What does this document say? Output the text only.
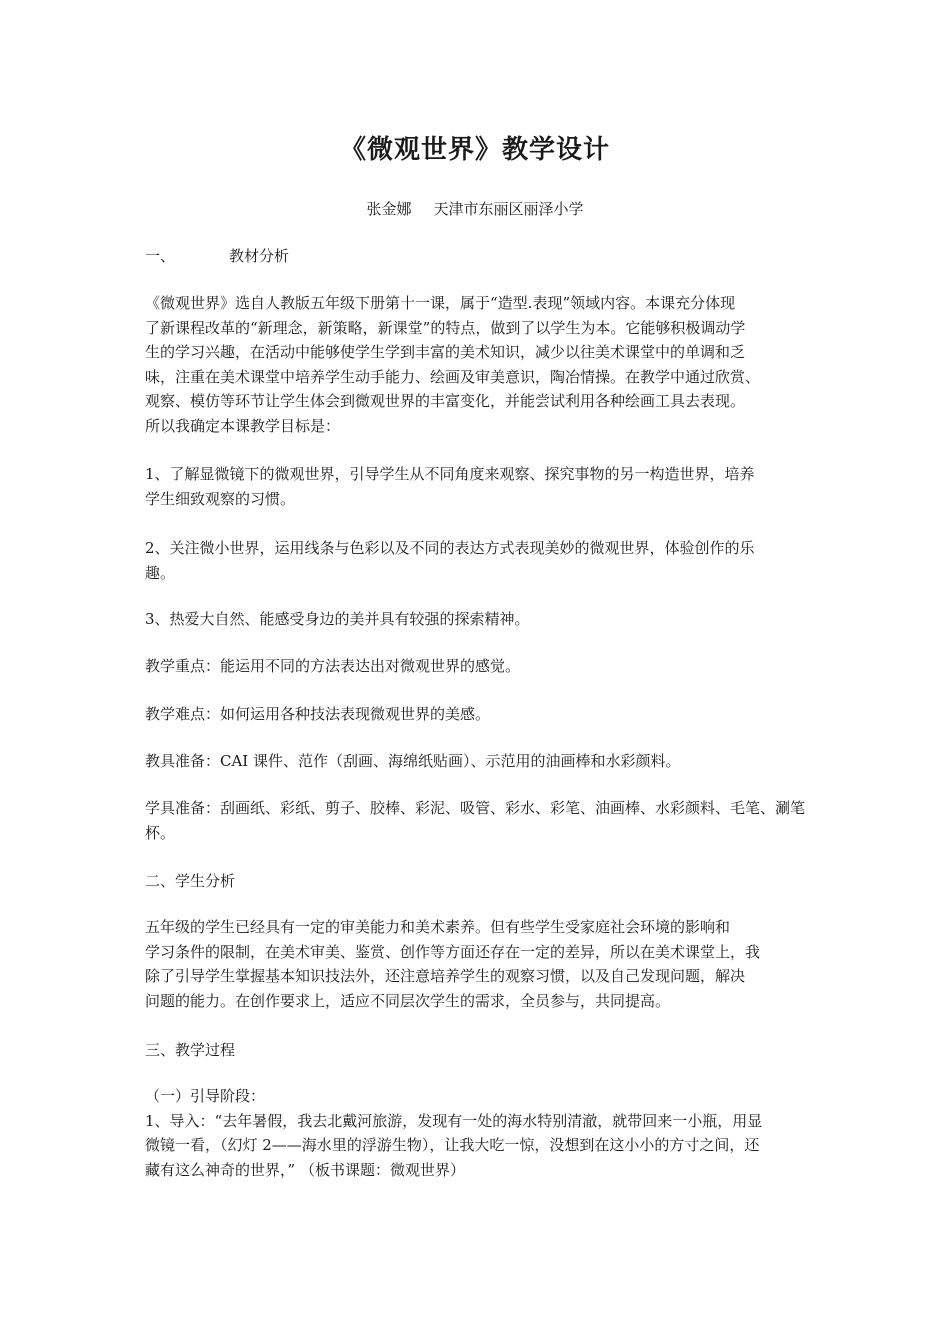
《微观世界》教学设计
张金娜 天津市东丽区丽泽小学
一、	教材分析
《微观世界》选自人教版五年级下册第十一课，属于“造型.表现”领域内容。本课充分体现
了新课程改革的“新理念，新策略，新课堂”的特点，做到了以学生为本。它能够积极调动学
生的学习兴趣，在活动中能够使学生学到丰富的美术知识，减少以往美术课堂中的单调和乏
味，注重在美术课堂中培养学生动手能力、绘画及审美意识，陶冶情操。在教学中通过欣赏、
观察、模仿等环节让学生体会到微观世界的丰富变化，并能尝试利用各种绘画工具去表现。
所以我确定本课教学目标是：
1、了解显微镜下的微观世界，引导学生从不同角度来观察、探究事物的另一构造世界，培养
学生细致观察的习惯。
2、关注微小世界，运用线条与色彩以及不同的表达方式表现美妙的微观世界，体验创作的乐
趣。
3、热爱大自然、能感受身边的美并具有较强的探索精神。
教学重点：能运用不同的方法表达出对微观世界的感觉。
教学难点：如何运用各种技法表现微观世界的美感。
教具准备：CAI 课件、范作（刮画、海绵纸贴画）、示范用的油画棒和水彩颜料。
学具准备：刮画纸、彩纸、剪子、胶棒、彩泥、吸管、彩水、彩笔、油画棒、水彩颜料、毛笔、涮笔
杯。
二、学生分析
五年级的学生已经具有一定的审美能力和美术素养。但有些学生受家庭社会环境的影响和
学习条件的限制，在美术审美、鉴赏、创作等方面还存在一定的差异，所以在美术课堂上，我
除了引导学生掌握基本知识技法外，还注意培养学生的观察习惯，以及自己发现问题，解决
问题的能力。在创作要求上，适应不同层次学生的需求，全员参与，共同提高。
三、教学过程
（一）引导阶段：
1、导入：“去年暑假，我去北戴河旅游，发现有一处的海水特别清澈，就带回来一小瓶，用显
微镜一看，（幻灯 2——海水里的浮游生物），让我大吃一惊，没想到在这小小的方寸之间，还
藏有这么神奇的世界，” （板书课题：微观世界）
